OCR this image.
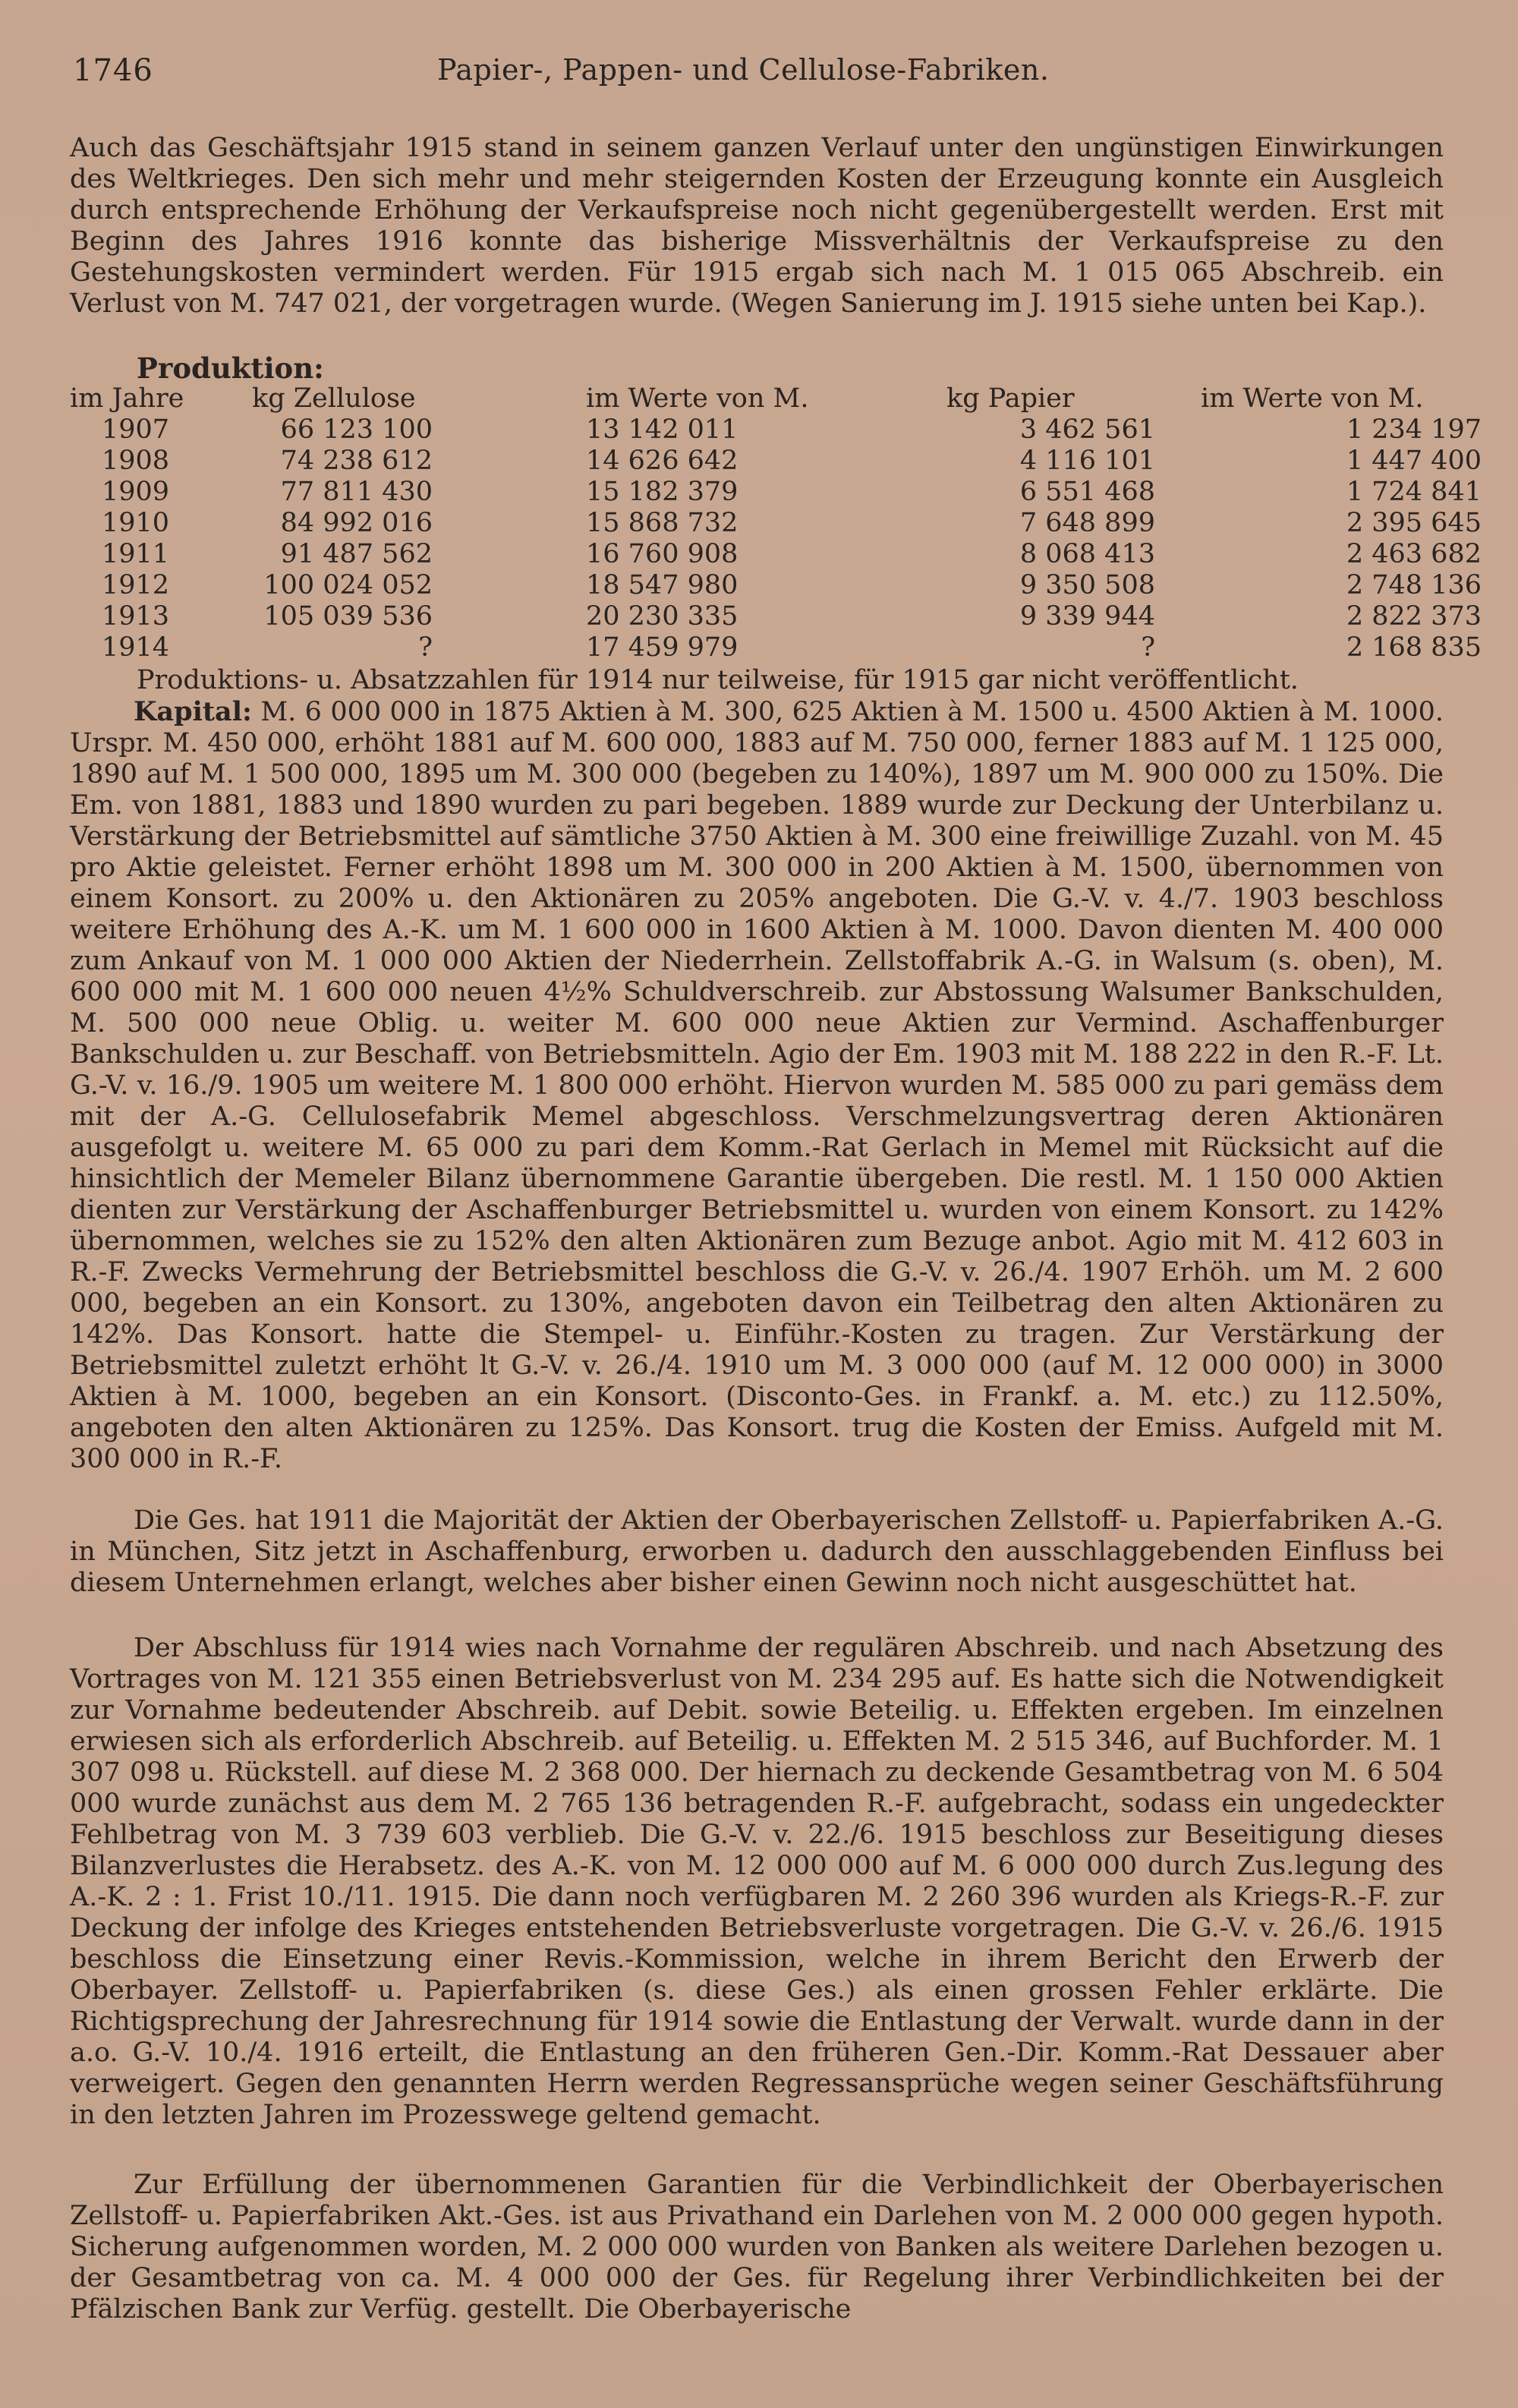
1746	Papier-, Pappen- und Cellulose-Fabriken.

Auch das Geschäftsjahr 1915 stand in seinem ganzen Verlauf unter den ungünstigen Einwirkungen des Weltkrieges. Den sich mehr und mehr steigernden Kosten der Erzeugung konnte ein Ausgleich durch entsprechende Erhöhung der Verkaufspreise noch nicht gegenübergestellt werden. Erst mit Beginn des Jahres 1916 konnte das bisherige Missverhältnis der Verkaufspreise zu den Gestehungskosten vermindert werden. Für 1915 ergab sich nach M. 1 015 065 Abschreib. ein Verlust von M. 747 021, der vorgetragen wurde. (Wegen Sanierung im J. 1915 siehe unten bei Kap.).

Produktion:
im Jahre	kg Zellulose	im Werte von M.	kg Papier	im Werte von M.
1907	66 123 100	13 142 011	3 462 561	1 234 197
1908	74 238 612	14 626 642	4 116 101	1 447 400
1909	77 811 430	15 182 379	6 551 468	1 724 841
1910	84 992 016	15 868 732	7 648 899	2 395 645
1911	91 487 562	16 760 908	8 068 413	2 463 682
1912	100 024 052	18 547 980	9 350 508	2 748 136
1913	105 039 536	20 230 335	9 339 944	2 822 373
1914	?	17 459 979	?	2 168 835
Produktions- u. Absatzzahlen für 1914 nur teilweise, für 1915 gar nicht veröffentlicht.

Kapital: M. 6 000 000 in 1875 Aktien à M. 300, 625 Aktien à M. 1500 u. 4500 Aktien à M. 1000. Urspr. M. 450 000, erhöht 1881 auf M. 600 000, 1883 auf M. 750 000, ferner 1883 auf M. 1 125 000, 1890 auf M. 1 500 000, 1895 um M. 300 000 (begeben zu 140%), 1897 um M. 900 000 zu 150%. Die Em. von 1881, 1883 und 1890 wurden zu pari begeben. 1889 wurde zur Deckung der Unterbilanz u. Verstärkung der Betriebsmittel auf sämtliche 3750 Aktien à M. 300 eine freiwillige Zuzahl. von M. 45 pro Aktie geleistet. Ferner erhöht 1898 um M. 300 000 in 200 Aktien à M. 1500, übernommen von einem Konsort. zu 200% u. den Aktionären zu 205% angeboten. Die G.-V. v. 4./7. 1903 beschloss weitere Erhöhung des A.-K. um M. 1 600 000 in 1600 Aktien à M. 1000. Davon dienten M. 400 000 zum Ankauf von M. 1 000 000 Aktien der Niederrhein. Zellstoffabrik A.-G. in Walsum (s. oben), M. 600 000 mit M. 1 600 000 neuen 4½% Schuldverschreib. zur Abstossung Walsumer Bankschulden, M. 500 000 neue Oblig. u. weiter M. 600 000 neue Aktien zur Vermind. Aschaffenburger Bankschulden u. zur Beschaff. von Betriebsmitteln. Agio der Em. 1903 mit M. 188 222 in den R.-F. Lt. G.-V. v. 16./9. 1905 um weitere M. 1 800 000 erhöht. Hiervon wurden M. 585 000 zu pari gemäss dem mit der A.-G. Cellulosefabrik Memel abgeschloss. Verschmelzungsvertrag deren Aktionären ausgefolgt u. weitere M. 65 000 zu pari dem Komm.-Rat Gerlach in Memel mit Rücksicht auf die hinsichtlich der Memeler Bilanz übernommene Garantie übergeben. Die restl. M. 1 150 000 Aktien dienten zur Verstärkung der Aschaffenburger Betriebsmittel u. wurden von einem Konsort. zu 142% übernommen, welches sie zu 152% den alten Aktionären zum Bezuge anbot. Agio mit M. 412 603 in R.-F. Zwecks Vermehrung der Betriebsmittel beschloss die G.-V. v. 26./4. 1907 Erhöh. um M. 2 600 000, begeben an ein Konsort. zu 130%, angeboten davon ein Teilbetrag den alten Aktionären zu 142%. Das Konsort. hatte die Stempel- u. Einführ.-Kosten zu tragen. Zur Verstärkung der Betriebsmittel zuletzt erhöht lt G.-V. v. 26./4. 1910 um M. 3 000 000 (auf M. 12 000 000) in 3000 Aktien à M. 1000, begeben an ein Konsort. (Disconto-Ges. in Frankf. a. M. etc.) zu 112.50%, angeboten den alten Aktionären zu 125%. Das Konsort. trug die Kosten der Emiss. Aufgeld mit M. 300 000 in R.-F.

Die Ges. hat 1911 die Majorität der Aktien der Oberbayerischen Zellstoff- u. Papierfabriken A.-G. in München, Sitz jetzt in Aschaffenburg, erworben u. dadurch den ausschlaggebenden Einfluss bei diesem Unternehmen erlangt, welches aber bisher einen Gewinn noch nicht ausgeschüttet hat.

Der Abschluss für 1914 wies nach Vornahme der regulären Abschreib. und nach Absetzung des Vortrages von M. 121 355 einen Betriebsverlust von M. 234 295 auf. Es hatte sich die Notwendigkeit zur Vornahme bedeutender Abschreib. auf Debit. sowie Beteilig. u. Effekten ergeben. Im einzelnen erwiesen sich als erforderlich Abschreib. auf Beteilig. u. Effekten M. 2 515 346, auf Buchforder. M. 1 307 098 u. Rückstell. auf diese M. 2 368 000. Der hiernach zu deckende Gesamtbetrag von M. 6 504 000 wurde zunächst aus dem M. 2 765 136 betragenden R.-F. aufgebracht, sodass ein ungedeckter Fehlbetrag von M. 3 739 603 verblieb. Die G.-V. v. 22./6. 1915 beschloss zur Beseitigung dieses Bilanzverlustes die Herabsetz. des A.-K. von M. 12 000 000 auf M. 6 000 000 durch Zus.legung des A.-K. 2 : 1. Frist 10./11. 1915. Die dann noch verfügbaren M. 2 260 396 wurden als Kriegs-R.-F. zur Deckung der infolge des Krieges entstehenden Betriebsverluste vorgetragen. Die G.-V. v. 26./6. 1915 beschloss die Einsetzung einer Revis.-Kommission, welche in ihrem Bericht den Erwerb der Oberbayer. Zellstoff- u. Papierfabriken (s. diese Ges.) als einen grossen Fehler erklärte. Die Richtigsprechung der Jahresrechnung für 1914 sowie die Entlastung der Verwalt. wurde dann in der a.o. G.-V. 10./4. 1916 erteilt, die Entlastung an den früheren Gen.-Dir. Komm.-Rat Dessauer aber verweigert. Gegen den genannten Herrn werden Regressansprüche wegen seiner Geschäftsführung in den letzten Jahren im Prozesswege geltend gemacht.

Zur Erfüllung der übernommenen Garantien für die Verbindlichkeit der Oberbayerischen Zellstoff- u. Papierfabriken Akt.-Ges. ist aus Privathand ein Darlehen von M. 2 000 000 gegen hypoth. Sicherung aufgenommen worden, M. 2 000 000 wurden von Banken als weitere Darlehen bezogen u. der Gesamtbetrag von ca. M. 4 000 000 der Ges. für Regelung ihrer Verbindlichkeiten bei der Pfälzischen Bank zur Verfüg. gestellt. Die Oberbayerische
